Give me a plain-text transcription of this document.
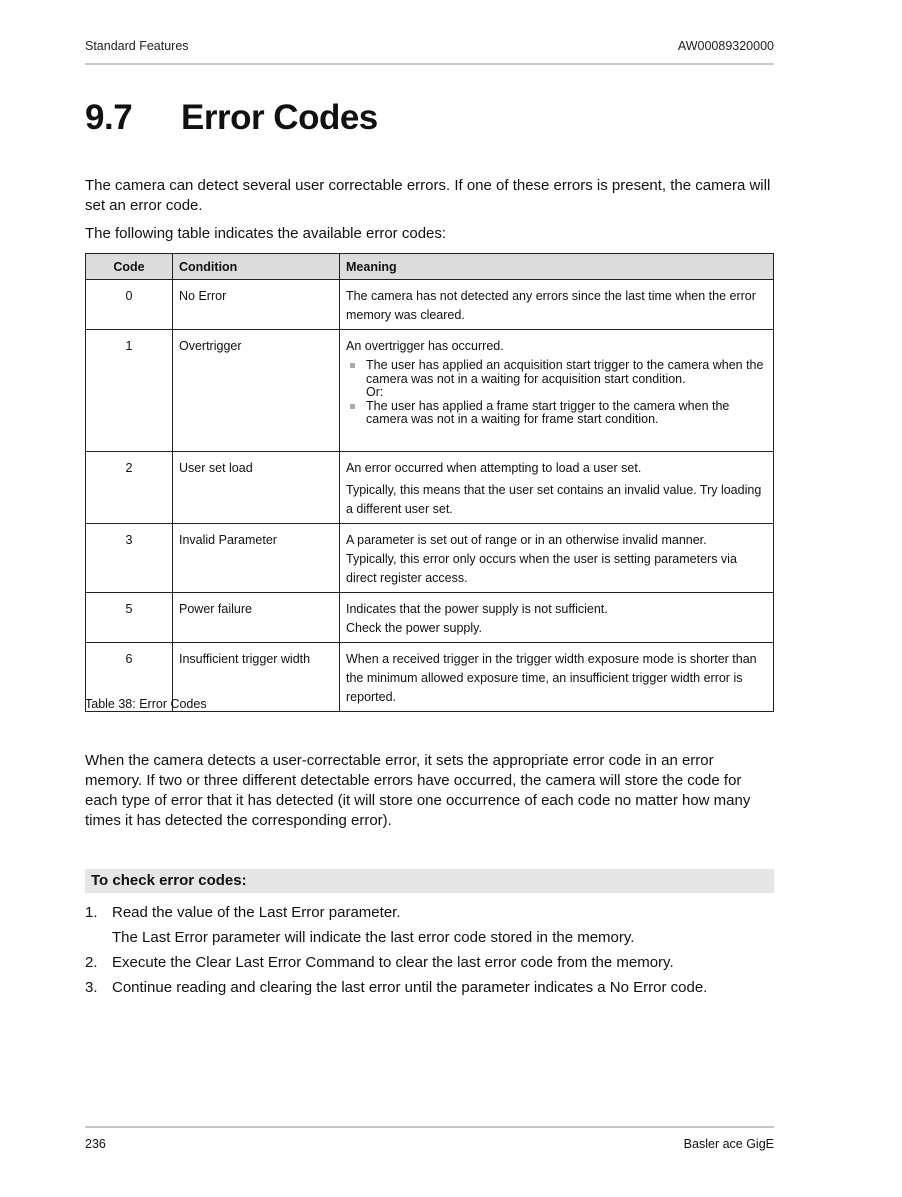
Standard Features	AW00089320000
9.7 Error Codes

The camera can detect several user correctable errors. If one of these errors is present, the camera will set an error code.

The following table indicates the available error codes:

Code	Condition	Meaning
0	No Error	The camera has not detected any errors since the last time when the error memory was cleared.

1	Overtrigger	An overtrigger has occurred.

The user has applied an acquisition start trigger to the camera when the camera was not in a waiting for acquisition start condition.
Or:
The user has applied a frame start trigger to the camera when the camera was not in a waiting for frame start condition.

2	User set load	An error occurred when attempting to load a user set.

Typically, this means that the user set contains an invalid value. Try loading a different user set.

3	Invalid Parameter	A parameter is set out of range or in an otherwise invalid manner.

Typically, this error only occurs when the user is setting parameters via direct register access.

5	Power failure	Indicates that the power supply is not sufficient.

Check the power supply.

6	Insufficient trigger width	When a received trigger in the trigger width exposure mode is shorter than the minimum allowed exposure time, an insufficient trigger width error is reported.

Table 38: Error Codes

When the camera detects a user-correctable error, it sets the appropriate error code in an error memory. If two or three different detectable errors have occurred, the camera will store the code for each type of error that it has detected (it will store one occurrence of each code no matter how many times it has detected the corresponding error).

To check error codes:
1. Read the value of the Last Error parameter.
The Last Error parameter will indicate the last error code stored in the memory.
2. Execute the Clear Last Error Command to clear the last error code from the memory.
3. Continue reading and clearing the last error until the parameter indicates a No Error code.
236	Basler ace GigE
